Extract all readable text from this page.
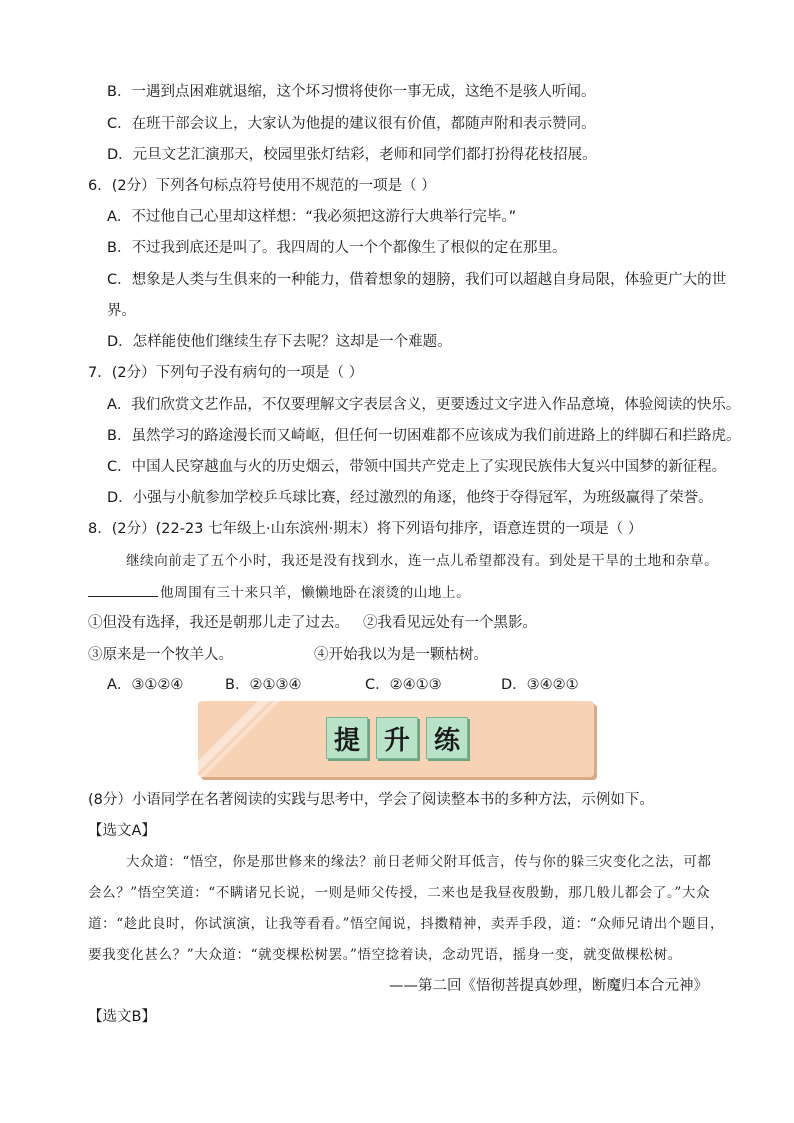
B．一遇到点困难就退缩，这个坏习惯将使你一事无成，这绝不是骇人听闻。
C．在班干部会议上，大家认为他提的建议很有价值，都随声附和表示赞同。
D．元旦文艺汇演那天，校园里张灯结彩，老师和同学们都打扮得花枝招展。
6．(2分）下列各句标点符号使用不规范的一项是（ ）
A．不过他自己心里却这样想：“我必须把这游行大典举行完毕。”
B．不过我到底还是叫了。我四周的人一个个都像生了根似的定在那里。
C．想象是人类与生俱来的一种能力，借着想象的翅膀，我们可以超越自身局限，体验更广大的世
界。
D．怎样能使他们继续生存下去呢？这却是一个难题。
7．(2分）下列句子没有病句的一项是（ ）
A．我们欣赏文艺作品，不仅要理解文字表层含义，更要透过文字进入作品意境，体验阅读的快乐。
B．虽然学习的路途漫长而又崎岖，但任何一切困难都不应该成为我们前进路上的绊脚石和拦路虎。
C．中国人民穿越血与火的历史烟云，带领中国共产党走上了实现民族伟大复兴中国梦的新征程。
D．小强与小航参加学校乒乓球比赛，经过激烈的角逐，他终于夺得冠军，为班级赢得了荣誉。
8．(2分）(22-23 七年级上·山东滨州·期末）将下列语句排序，语意连贯的一项是（ ）
继续向前走了五个小时，我还是没有找到水，连一点儿希望都没有。到处是干旱的土地和杂草。
他周围有三十来只羊，懒懒地卧在滚烫的山地上。
①但没有选择，我还是朝那儿走了过去。 ②我看见远处有一个黑影。
③原来是一个牧羊人。	④开始我以为是一颗枯树。
A．③①②④	B．②①③④	C．②④①③	D．③④②①
提 升 练
(8分）小语同学在名著阅读的实践与思考中，学会了阅读整本书的多种方法，示例如下。
【选文A】
大众道：“悟空，你是那世修来的缘法？前日老师父附耳低言，传与你的躲三灾变化之法，可都
会么？”悟空笑道：“不瞒诸兄长说，一则是师父传授，二来也是我昼夜殷勤，那几般儿都会了。”大众
道：“趁此良时，你试演演，让我等看看。”悟空闻说，抖擞精神，卖弄手段，道：“众师兄请出个题目，
要我变化甚么？”大众道：“就变棵松树罢。”悟空捻着诀，念动咒语，摇身一变，就变做棵松树。
——第二回《悟彻菩提真妙理，断魔归本合元神》
【选文B】
